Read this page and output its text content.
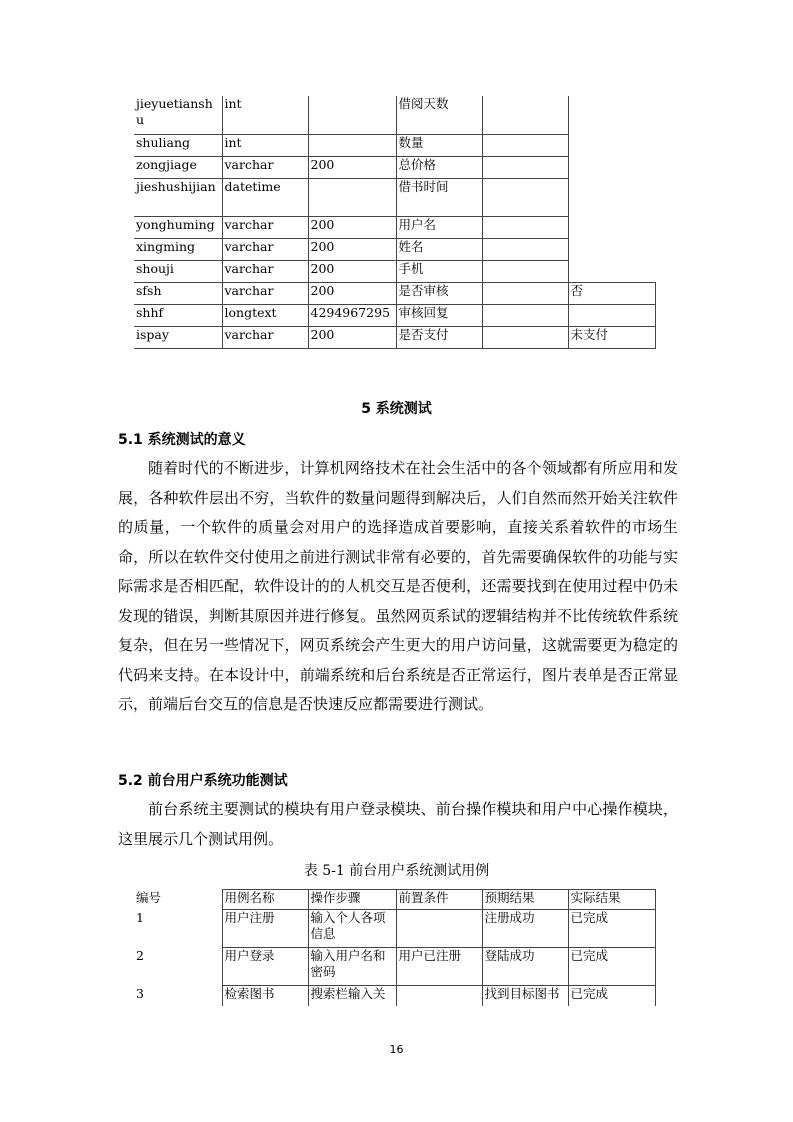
jieyuetianshu	int		借阅天数		
shuliang	int		数量		
zongjiage	varchar	200	总价格		
jieshushijian	datetime		借书时间		
yonghuming	varchar	200	用户名		
xingming	varchar	200	姓名		
shouji	varchar	200	手机		
sfsh	varchar	200	是否审核		否
shhf	longtext	4294967295	审核回复		
ispay	varchar	200	是否支付		未支付
5 系统测试
5.1 系统测试的意义
随着时代的不断进步，计算机网络技术在社会生活中的各个领域都有所应用和发展，各种软件层出不穷，当软件的数量问题得到解决后，人们自然而然开始关注软件的质量，一个软件的质量会对用户的选择造成首要影响，直接关系着软件的市场生命，所以在软件交付使用之前进行测试非常有必要的，首先需要确保软件的功能与实际需求是否相匹配，软件设计的的人机交互是否便利，还需要找到在使用过程中仍未发现的错误，判断其原因并进行修复。虽然网页系试的逻辑结构并不比传统软件系统复杂，但在另一些情况下，网页系统会产生更大的用户访问量，这就需要更为稳定的代码来支持。在本设计中，前端系统和后台系统是否正常运行，图片表单是否正常显示，前端后台交互的信息是否快速反应都需要进行测试。
5.2 前台用户系统功能测试
前台系统主要测试的模块有用户登录模块、前台操作模块和用户中心操作模块，这里展示几个测试用例。
表 5-1 前台用户系统测试用例
编号	用例名称	操作步骤	前置条件	预期结果	实际结果
1	用户注册	输入个人各项信息		注册成功	已完成
2	用户登录	输入用户名和密码	用户已注册	登陆成功	已完成
3	检索图书	搜索栏输入关		找到目标图书	已完成
16
